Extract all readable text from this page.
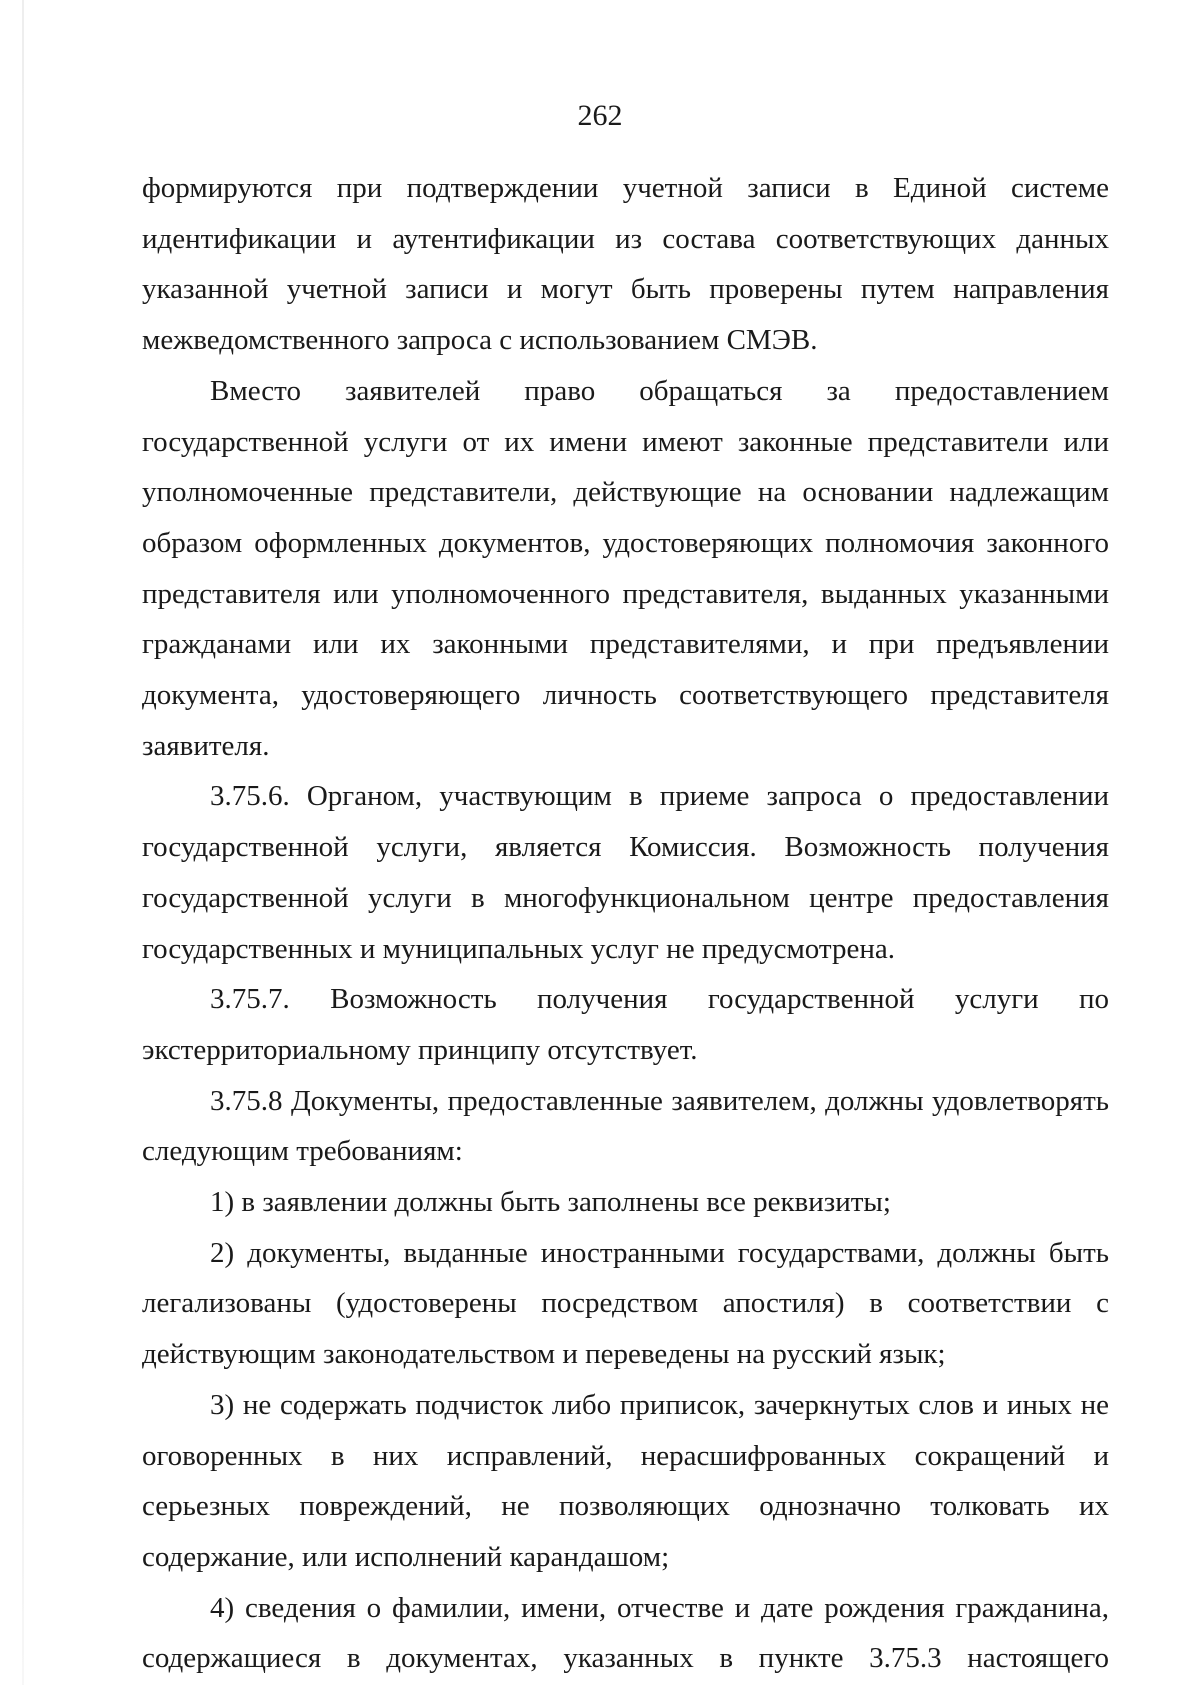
262

формируются при подтверждении учетной записи в Единой системе идентификации и аутентификации из состава соответствующих данных указанной учетной записи и могут быть проверены путем направления межведомственного запроса с использованием СМЭВ.

Вместо заявителей право обращаться за предоставлением государственной услуги от их имени имеют законные представители или уполномоченные представители, действующие на основании надлежащим образом оформленных документов, удостоверяющих полномочия законного представителя или уполномоченного представителя, выданных указанными гражданами или их законными представителями, и при предъявлении документа, удостоверяющего личность соответствующего представителя заявителя.

3.75.6. Органом, участвующим в приеме запроса о предоставлении государственной услуги, является Комиссия. Возможность получения государственной услуги в многофункциональном центре предоставления государственных и муниципальных услуг не предусмотрена.

3.75.7. Возможность получения государственной услуги по экстерриториальному принципу отсутствует.

3.75.8 Документы, предоставленные заявителем, должны удовлетворять следующим требованиям:

1) в заявлении должны быть заполнены все реквизиты;

2) документы, выданные иностранными государствами, должны быть легализованы (удостоверены посредством апостиля) в соответствии с действующим законодательством и переведены на русский язык;

3) не содержать подчисток либо приписок, зачеркнутых слов и иных не оговоренных в них исправлений, нерасшифрованных сокращений и серьезных повреждений, не позволяющих однозначно толковать их содержание, или исполнений карандашом;

4) сведения о фамилии, имени, отчестве и дате рождения гражданина, содержащиеся в документах, указанных в пункте 3.75.3 настоящего
